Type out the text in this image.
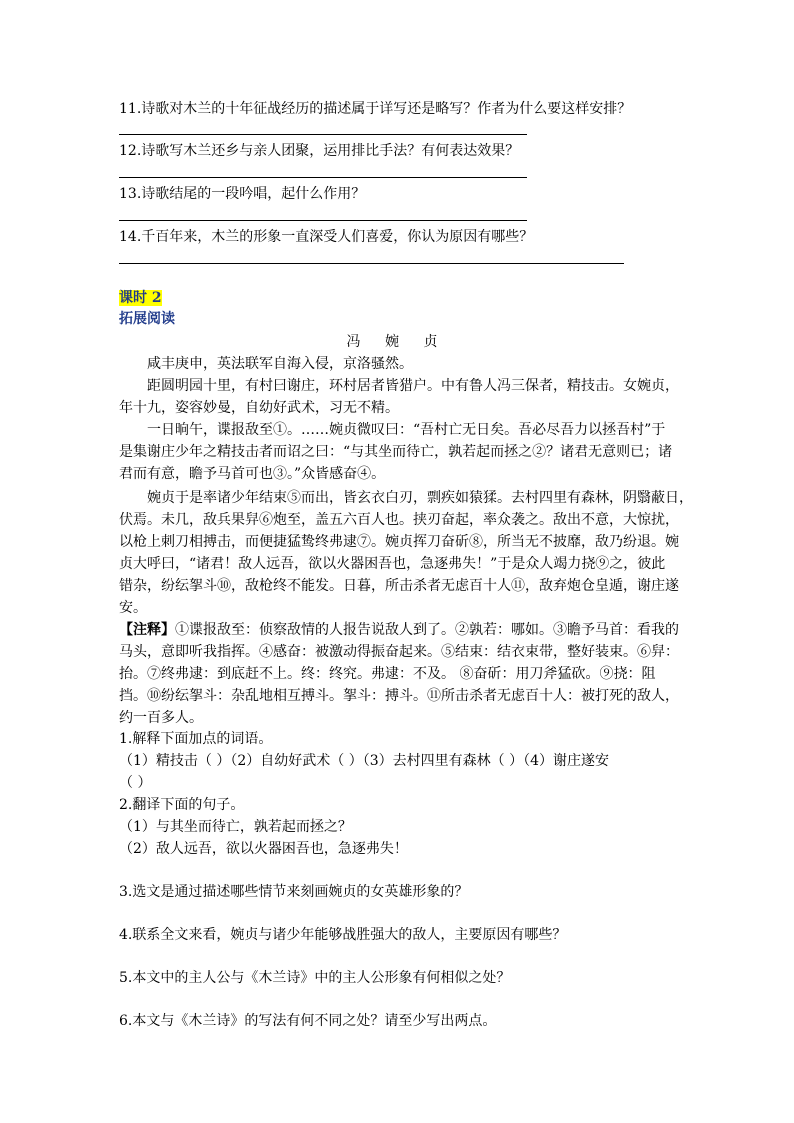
11.诗歌对木兰的十年征战经历的描述属于详写还是略写？作者为什么要这样安排？
12.诗歌写木兰还乡与亲人团聚，运用排比手法？有何表达效果？
13.诗歌结尾的一段吟唱，起什么作用？
14.千百年来，木兰的形象一直深受人们喜爱，你认为原因有哪些？
课时 2
拓展阅读
冯 婉 贞
咸丰庚申，英法联军自海入侵，京洛骚然。
距圆明园十里，有村曰谢庄，环村居者皆猎户。中有鲁人冯三保者，精技击。女婉贞，
年十九，姿容妙曼，自幼好武术，习无不精。
一日晌午，谍报敌至①。……婉贞微叹曰：“吾村亡无日矣。吾必尽吾力以拯吾村”于
是集谢庄少年之精技击者而诏之曰：“与其坐而待亡，孰若起而拯之②？诸君无意则已；诸
君而有意，瞻予马首可也③。”众皆感奋④。
婉贞于是率诸少年结束⑤而出，皆玄衣白刃，剽疾如猿猱。去村四里有森林，阴翳蔽日，
伏焉。未几，敌兵果舁⑥炮至，盖五六百人也。挟刃奋起，率众袭之。敌出不意，大惊扰，
以枪上刺刀相搏击，而便捷猛鸷终弗逮⑦。婉贞挥刀奋斫⑧，所当无不披靡，敌乃纷退。婉
贞大呼曰，“诸君！敌人远吾，欲以火器困吾也，急逐弗失！”于是众人竭力挠⑨之，彼此
错杂，纷纭挐斗⑩，敌枪终不能发。日暮，所击杀者无虑百十人⑪，敌弃炮仓皇遁，谢庄遂
安。
【注释】①谍报敌至：侦察敌情的人报告说敌人到了。②孰若：哪如。③瞻予马首：看我的
马头，意即听我指挥。④感奋：被激动得振奋起来。⑤结束：结衣束带，整好装束。⑥舁：
抬。⑦终弗逮：到底赶不上。终：终究。弗逮：不及。 ⑧奋斫：用刀斧猛砍。⑨挠：阻
挡。⑩纷纭挐斗：杂乱地相互搏斗。挐斗：搏斗。⑪所击杀者无虑百十人：被打死的敌人，
约一百多人。
1.解释下面加点的词语。
（1）精技击（ ）（2）自幼好武术（ ）（3）去村四里有森林（ ）（4）谢庄遂安
（ ）
2.翻译下面的句子。
（1）与其坐而待亡，孰若起而拯之？
（2）敌人远吾，欲以火器困吾也，急逐弗失！
3.选文是通过描述哪些情节来刻画婉贞的女英雄形象的？
4.联系全文来看，婉贞与诸少年能够战胜强大的敌人，主要原因有哪些？
5.本文中的主人公与《木兰诗》中的主人公形象有何相似之处？
6.本文与《木兰诗》的写法有何不同之处？请至少写出两点。
